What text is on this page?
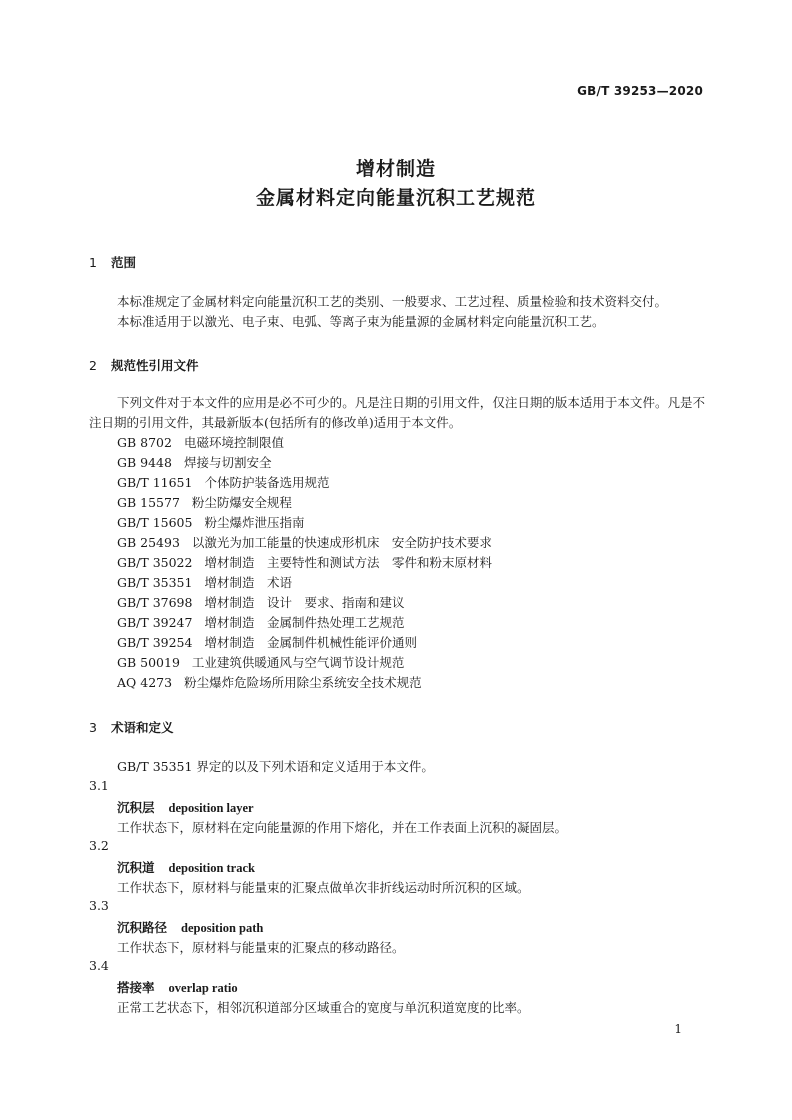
GB/T 39253—2020
增材制造
金属材料定向能量沉积工艺规范
1 范围
本标准规定了金属材料定向能量沉积工艺的类别、一般要求、工艺过程、质量检验和技术资料交付。
本标准适用于以激光、电子束、电弧、等离子束为能量源的金属材料定向能量沉积工艺。
2 规范性引用文件
下列文件对于本文件的应用是必不可少的。凡是注日期的引用文件，仅注日期的版本适用于本文件。凡是不注日期的引用文件，其最新版本(包括所有的修改单)适用于本文件。
GB 8702 电磁环境控制限值
GB 9448 焊接与切割安全
GB/T 11651 个体防护装备选用规范
GB 15577 粉尘防爆安全规程
GB/T 15605 粉尘爆炸泄压指南
GB 25493 以激光为加工能量的快速成形机床　安全防护技术要求
GB/T 35022 增材制造　主要特性和测试方法　零件和粉末原材料
GB/T 35351 增材制造　术语
GB/T 37698 增材制造　设计　要求、指南和建议
GB/T 39247 增材制造　金属制件热处理工艺规范
GB/T 39254 增材制造　金属制件机械性能评价通则
GB 50019 工业建筑供暖通风与空气调节设计规范
AQ 4273 粉尘爆炸危险场所用除尘系统安全技术规范
3 术语和定义
GB/T 35351 界定的以及下列术语和定义适用于本文件。
3.1
沉积层 deposition layer
工作状态下，原材料在定向能量源的作用下熔化，并在工作表面上沉积的凝固层。
3.2
沉积道 deposition track
工作状态下，原材料与能量束的汇聚点做单次非折线运动时所沉积的区域。
3.3
沉积路径 deposition path
工作状态下，原材料与能量束的汇聚点的移动路径。
3.4
搭接率 overlap ratio
正常工艺状态下，相邻沉积道部分区域重合的宽度与单沉积道宽度的比率。
1
